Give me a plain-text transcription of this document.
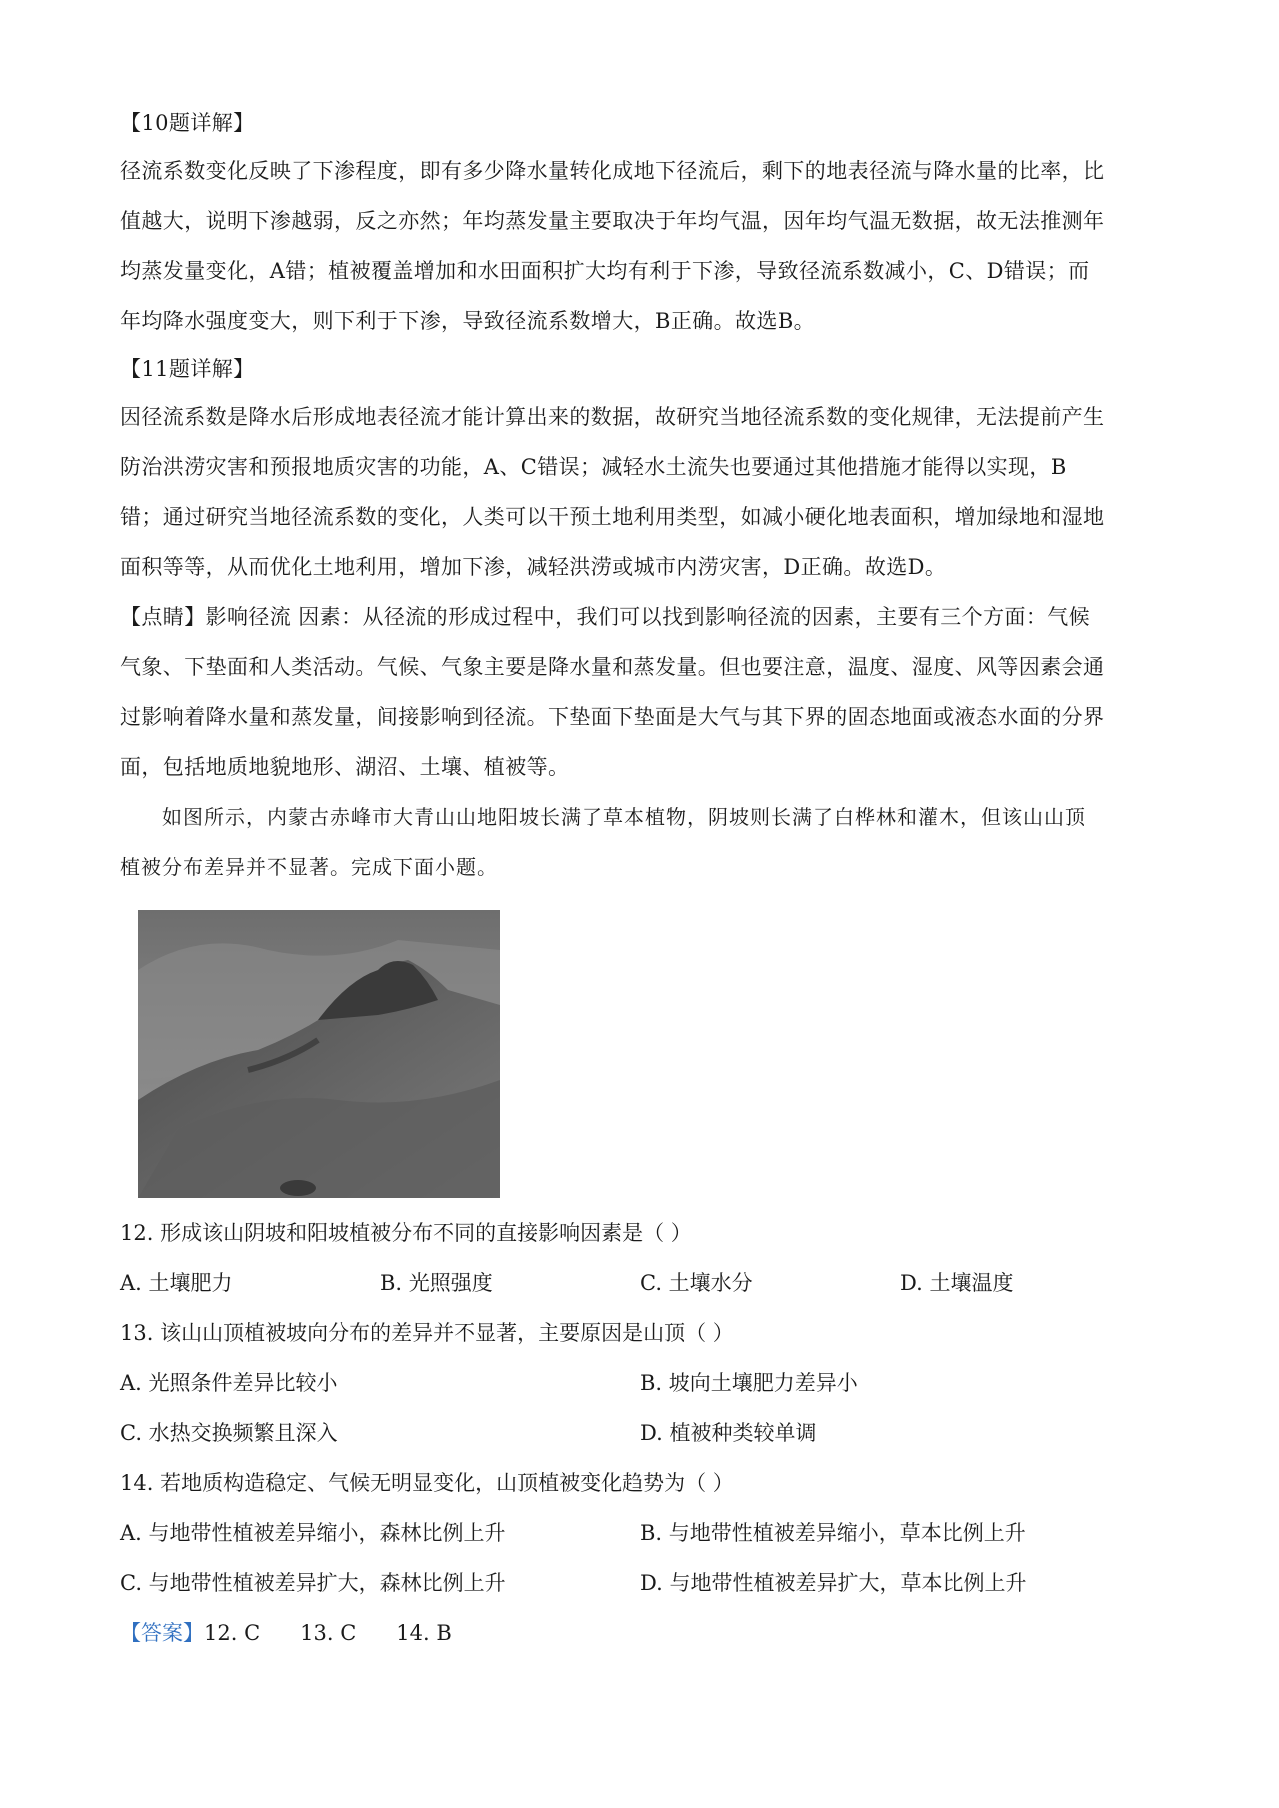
【10题详解】
径流系数变化反映了下渗程度，即有多少降水量转化成地下径流后，剩下的地表径流与降水量的比率，比
值越大，说明下渗越弱，反之亦然；年均蒸发量主要取决于年均气温，因年均气温无数据，故无法推测年
均蒸发量变化，A错；植被覆盖增加和水田面积扩大均有利于下渗，导致径流系数减小，C、D错误；而
年均降水强度变大，则下利于下渗，导致径流系数增大，B正确。故选B。
【11题详解】
因径流系数是降水后形成地表径流才能计算出来的数据，故研究当地径流系数的变化规律，无法提前产生
防治洪涝灾害和预报地质灾害的功能，A、C错误；减轻水土流失也要通过其他措施才能得以实现，B
错；通过研究当地径流系数的变化，人类可以干预土地利用类型，如减小硬化地表面积，增加绿地和湿地
面积等等，从而优化土地利用，增加下渗，减轻洪涝或城市内涝灾害，D正确。故选D。
【点睛】影响径流 因素：从径流的形成过程中，我们可以找到影响径流的因素，主要有三个方面：气候
气象、下垫面和人类活动。气候、气象主要是降水量和蒸发量。但也要注意，温度、湿度、风等因素会通
过影响着降水量和蒸发量，间接影响到径流。下垫面下垫面是大气与其下界的固态地面或液态水面的分界
面，包括地质地貌地形、湖沼、土壤、植被等。
如图所示，内蒙古赤峰市大青山山地阳坡长满了草本植物，阴坡则长满了白桦林和灌木，但该山山顶
植被分布差异并不显著。完成下面小题。
12. 形成该山阴坡和阳坡植被分布不同的直接影响因素是（ ）
A. 土壤肥力	B. 光照强度	C. 土壤水分	D. 土壤温度
13. 该山山顶植被坡向分布的差异并不显著，主要原因是山顶（ ）
A. 光照条件差异比较小	B. 坡向土壤肥力差异小
C. 水热交换频繁且深入	D. 植被种类较单调
14. 若地质构造稳定、气候无明显变化，山顶植被变化趋势为（ ）
A. 与地带性植被差异缩小，森林比例上升	B. 与地带性植被差异缩小，草本比例上升
C. 与地带性植被差异扩大，森林比例上升	D. 与地带性植被差异扩大，草本比例上升
【答案】12. C 13. C 14. B
